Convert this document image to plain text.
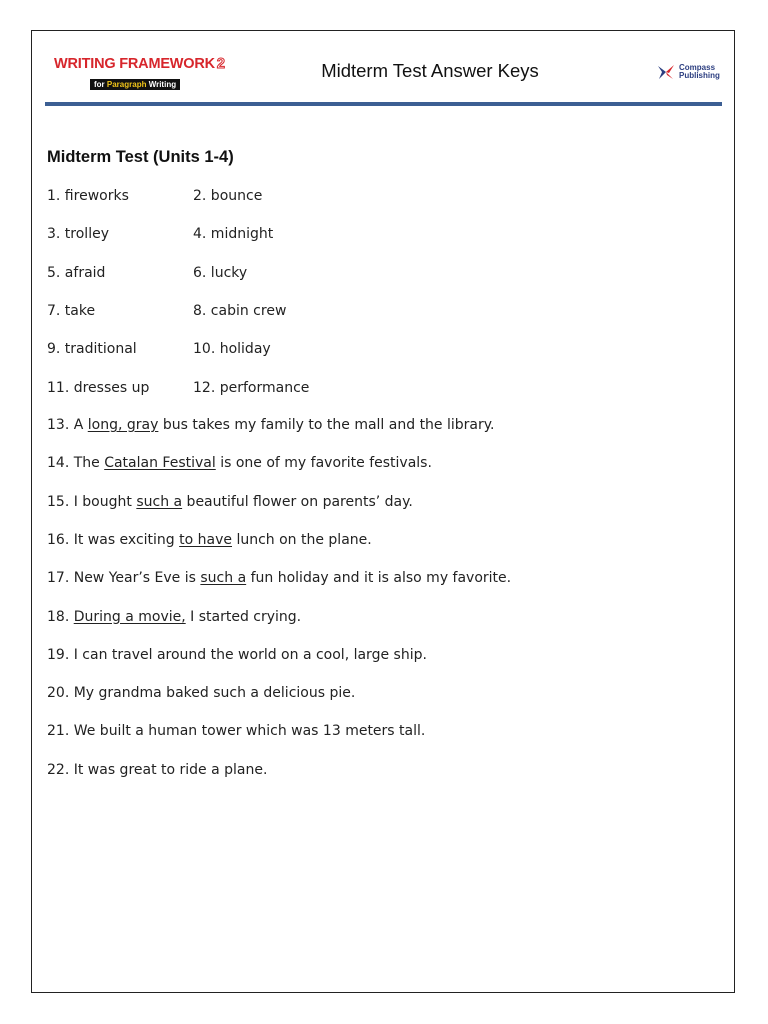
WRITING FRAMEWORK 2
for Paragraph Writing
Midterm Test Answer Keys	Compass
Publishing
Midterm Test (Units 1-4)
1. fireworks	2. bounce
3. trolley	4. midnight
5. afraid	6. lucky
7. take	8. cabin crew
9. traditional	10. holiday
11. dresses up	12. performance
13. A long, gray bus takes my family to the mall and the library.
14. The Catalan Festival is one of my favorite festivals.
15. I bought such a beautiful flower on parents’ day.
16. It was exciting to have lunch on the plane.
17. New Year’s Eve is such a fun holiday and it is also my favorite.
18. During a movie, I started crying.
19. I can travel around the world on a cool, large ship.
20. My grandma baked such a delicious pie.
21. We built a human tower which was 13 meters tall.
22. It was great to ride a plane.
